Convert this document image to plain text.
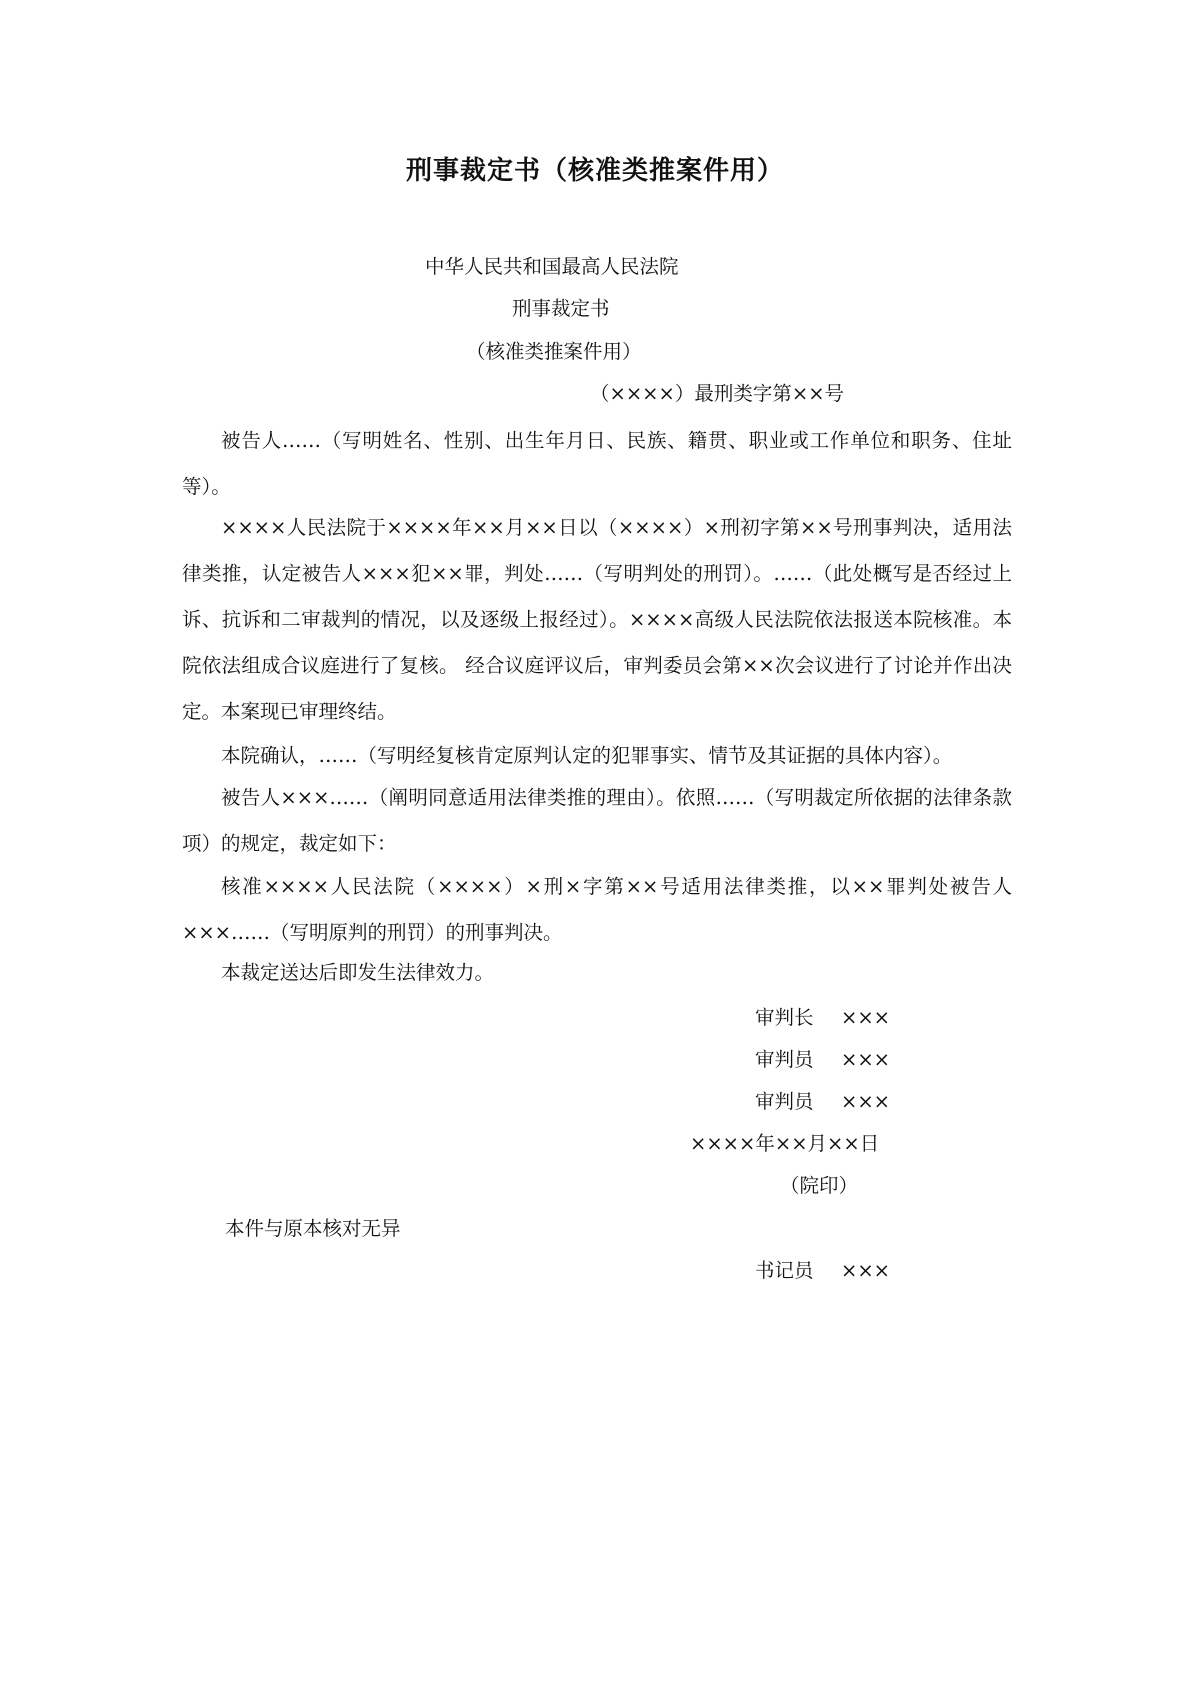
刑事裁定书（核准类推案件用）
中华人民共和国最高人民法院
刑事裁定书
（核准类推案件用）
（××××）最刑类字第××号

被告人……（写明姓名、性别、出生年月日、民族、籍贯、职业或工作单位和职务、住址等）。

××××人民法院于××××年××月××日以（××××）×刑初字第××号刑事判决，适用法律类推，认定被告人×××犯××罪，判处……（写明判处的刑罚）。……（此处概写是否经过上诉、抗诉和二审裁判的情况，以及逐级上报经过）。××××高级人民法院依法报送本院核准。本院依法组成合议庭进行了复核。 经合议庭评议后，审判委员会第××次会议进行了讨论并作出决定。本案现已审理终结。

本院确认，……（写明经复核肯定原判认定的犯罪事实、情节及其证据的具体内容）。

被告人×××……（阐明同意适用法律类推的理由）。依照……（写明裁定所依据的法律条款项）的规定，裁定如下：

核准××××人民法院（××××）×刑×字第××号适用法律类推，以××罪判处被告人×××……（写明原判的刑罚）的刑事判决。

本裁定送达后即发生法律效力。

审判长 ×××
审判员 ×××
审判员 ×××
××××年××月××日
（院印）
本件与原本核对无异
书记员 ×××
